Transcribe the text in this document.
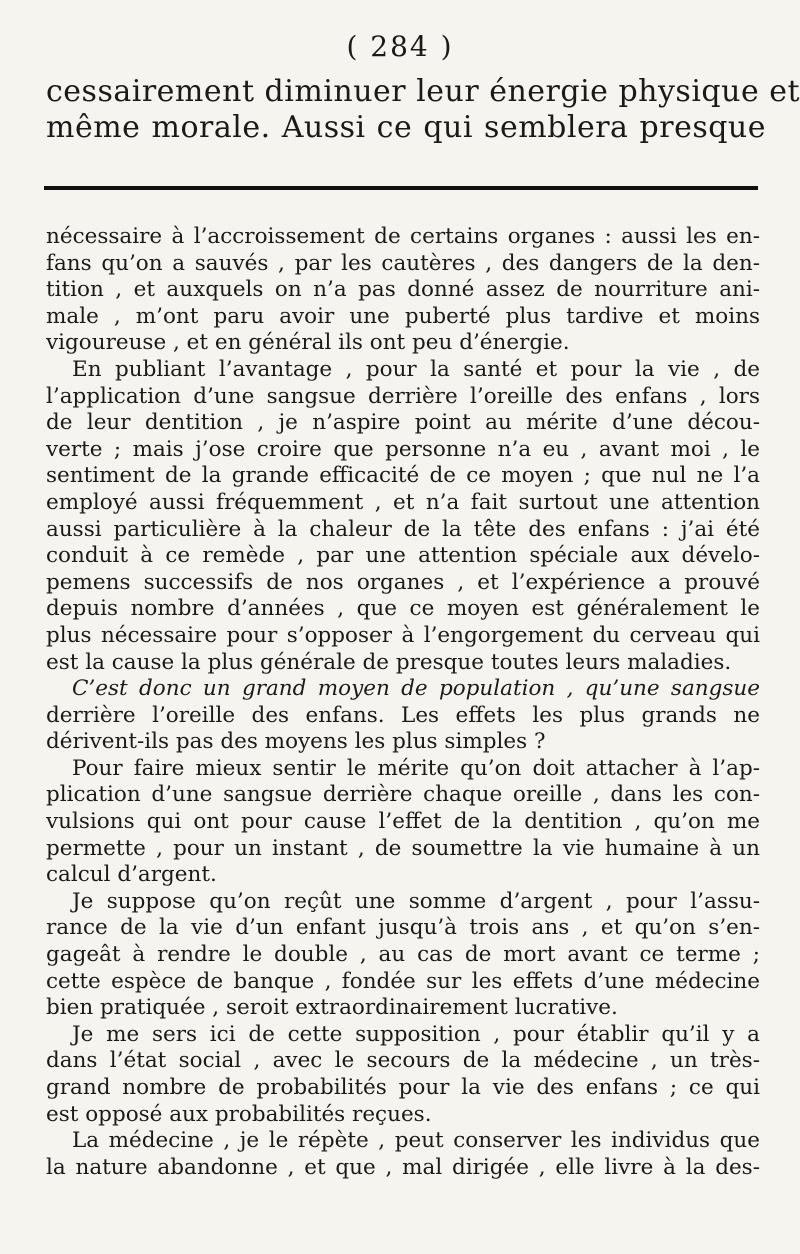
( 284 )
cessairement diminuer leur énergie physique et
même morale. Aussi ce qui semblera presque
nécessaire à l’accroissement de certains organes : aussi les en-
fans qu’on a sauvés , par les cautères , des dangers de la den-
tition , et auxquels on n’a pas donné assez de nourriture ani-
male , m’ont paru avoir une puberté plus tardive et moins
vigoureuse , et en général ils ont peu d’énergie.
En publiant l’avantage , pour la santé et pour la vie , de
l’application d’une sangsue derrière l’oreille des enfans , lors
de leur dentition , je n’aspire point au mérite d’une décou-
verte ; mais j’ose croire que personne n’a eu , avant moi , le
sentiment de la grande efficacité de ce moyen ; que nul ne l’a
employé aussi fréquemment , et n’a fait surtout une attention
aussi particulière à la chaleur de la tête des enfans : j’ai été
conduit à ce remède , par une attention spéciale aux dévelo-
pemens successifs de nos organes , et l’expérience a prouvé
depuis nombre d’années , que ce moyen est généralement le
plus nécessaire pour s’opposer à l’engorgement du cerveau qui
est la cause la plus générale de presque toutes leurs maladies.
C’est donc un grand moyen de population , qu’une sangsue
derrière l’oreille des enfans. Les effets les plus grands ne
dérivent-ils pas des moyens les plus simples ?
Pour faire mieux sentir le mérite qu’on doit attacher à l’ap-
plication d’une sangsue derrière chaque oreille , dans les con-
vulsions qui ont pour cause l’effet de la dentition , qu’on me
permette , pour un instant , de soumettre la vie humaine à un
calcul d’argent.
Je suppose qu’on reçût une somme d’argent , pour l’assu-
rance de la vie d’un enfant jusqu’à trois ans , et qu’on s’en-
gageât à rendre le double , au cas de mort avant ce terme ;
cette espèce de banque , fondée sur les effets d’une médecine
bien pratiquée , seroit extraordinairement lucrative.
Je me sers ici de cette supposition , pour établir qu’il y a
dans l’état social , avec le secours de la médecine , un très-
grand nombre de probabilités pour la vie des enfans ; ce qui
est opposé aux probabilités reçues.
La médecine , je le répète , peut conserver les individus que
la nature abandonne , et que , mal dirigée , elle livre à la des-
